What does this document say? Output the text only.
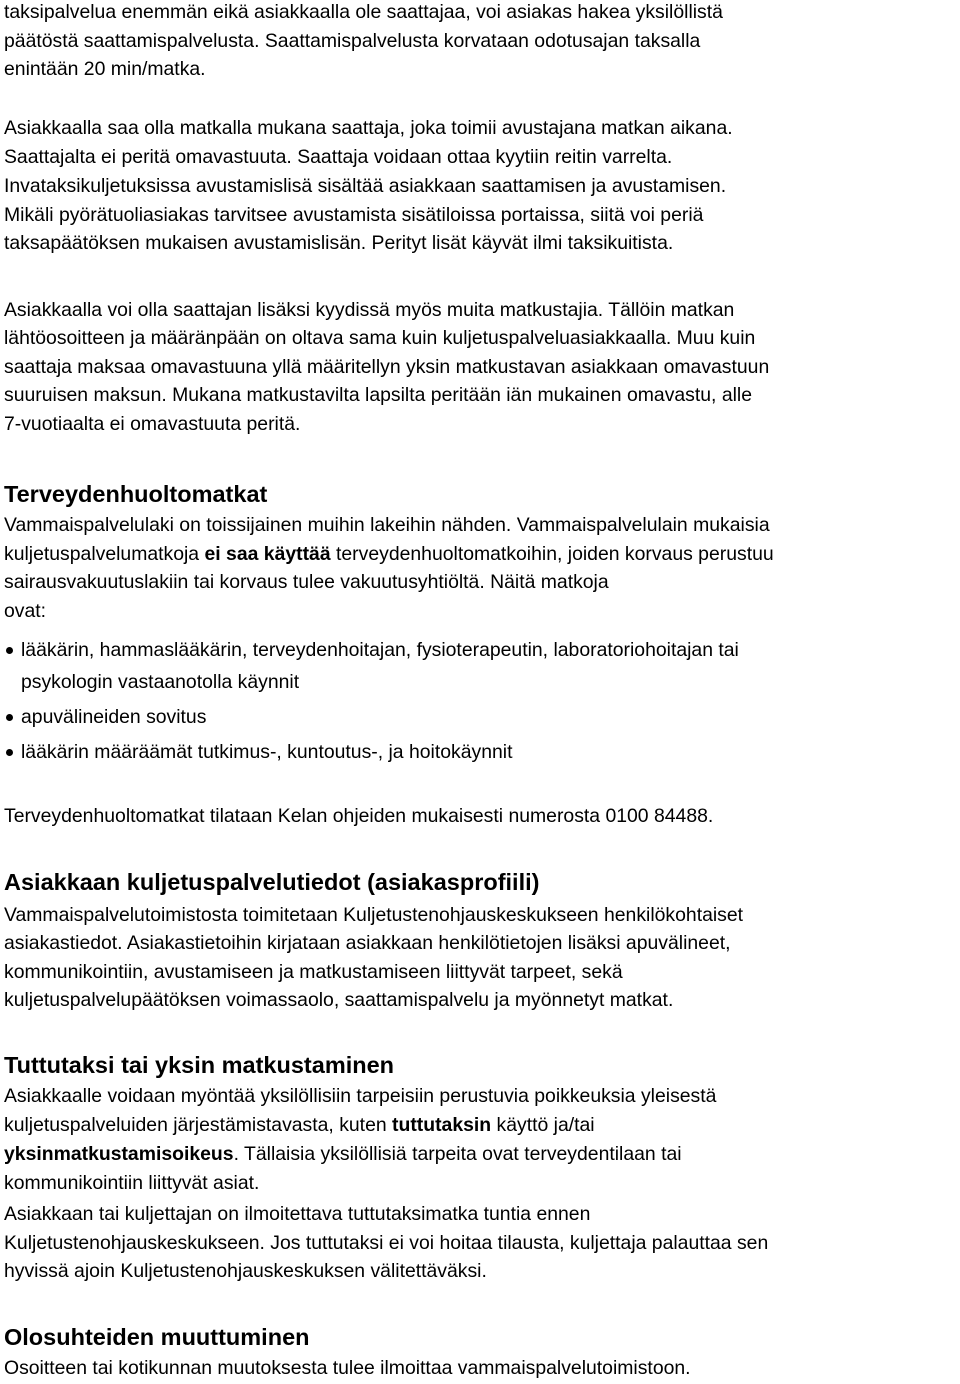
taksipalvelua enemmän eikä asiakkaalla ole saattajaa, voi asiakas hakea yksilöllistä
päätöstä saattamispalvelusta. Saattamispalvelusta korvataan odotusajan taksalla
enintään 20 min/matka.
Asiakkaalla saa olla matkalla mukana saattaja, joka toimii avustajana matkan aikana.
Saattajalta ei peritä omavastuuta. Saattaja voidaan ottaa kyytiin reitin varrelta.
Invataksikuljetuksissa avustamislisä sisältää asiakkaan saattamisen ja avustamisen.
Mikäli pyörätuoliasiakas tarvitsee avustamista sisätiloissa portaissa, siitä voi periä
taksapäätöksen mukaisen avustamislisän. Perityt lisät käyvät ilmi taksikuitista.
Asiakkaalla voi olla saattajan lisäksi kyydissä myös muita matkustajia. Tällöin matkan
lähtöosoitteen ja määränpään on oltava sama kuin kuljetuspalveluasiakkaalla. Muu kuin
saattaja maksaa omavastuuna yllä määritellyn yksin matkustavan asiakkaan omavastuun
suuruisen maksun. Mukana matkustavilta lapsilta peritään iän mukainen omavastu, alle
7-vuotiaalta ei omavastuuta peritä.
Terveydenhuoltomatkat
Vammaispalvelulaki on toissijainen muihin lakeihin nähden. Vammaispalvelulain mukaisia
kuljetuspalvelumatkoja ei saa käyttää terveydenhuoltomatkoihin, joiden korvaus perustuu
sairausvakuutuslakiin tai korvaus tulee vakuutusyhtiöltä. Näitä matkoja
ovat:
lääkärin, hammaslääkärin, terveydenhoitajan, fysioterapeutin, laboratoriohoitajan tai
psykologin vastaanotolla käynnit
apuvälineiden sovitus
lääkärin määräämät tutkimus-, kuntoutus-, ja hoitokäynnit
Terveydenhuoltomatkat tilataan Kelan ohjeiden mukaisesti numerosta 0100 84488.
Asiakkaan kuljetuspalvelutiedot (asiakasprofiili)
Vammaispalvelutoimistosta toimitetaan Kuljetustenohjauskeskukseen henkilökohtaiset
asiakastiedot. Asiakastietoihin kirjataan asiakkaan henkilötietojen lisäksi apuvälineet,
kommunikointiin, avustamiseen ja matkustamiseen liittyvät tarpeet, sekä
kuljetuspalvelupäätöksen voimassaolo, saattamispalvelu ja myönnetyt matkat.
Tuttutaksi tai yksin matkustaminen
Asiakkaalle voidaan myöntää yksilöllisiin tarpeisiin perustuvia poikkeuksia yleisestä
kuljetuspalveluiden järjestämistavasta, kuten tuttutaksin käyttö ja/tai
yksinmatkustamisoikeus. Tällaisia yksilöllisiä tarpeita ovat terveydentilaan tai
kommunikointiin liittyvät asiat.
Asiakkaan tai kuljettajan on ilmoitettava tuttutaksimatka tuntia ennen
Kuljetustenohjauskeskukseen. Jos tuttutaksi ei voi hoitaa tilausta, kuljettaja palauttaa sen
hyvissä ajoin Kuljetustenohjauskeskuksen välitettäväksi.
Olosuhteiden muuttuminen
Osoitteen tai kotikunnan muutoksesta tulee ilmoittaa vammaispalvelutoimistoon.
